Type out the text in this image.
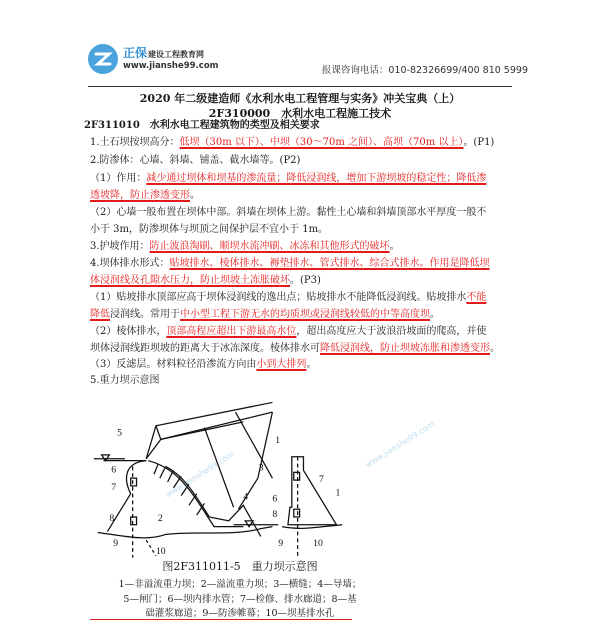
正保建设工程教育网
www.jianshe99.com	报课咨询电话：010-82326699/400 810 5999
2020 年二级建造师《水利水电工程管理与实务》冲关宝典（上）
2F310000　水利水电工程施工技术
2F311010　水利水电工程建筑物的类型及相关要求
1.土石坝按坝高分：低坝（30m 以下）、中坝（30～70m 之间）、高坝（70m 以上）。(P1)
2.防渗体：心墙、斜墙、铺盖、截水墙等。(P2)
（1）作用：减少通过坝体和坝基的渗流量；降低浸润线，增加下游坝坡的稳定性；降低渗
透坡降，防止渗透变形。
（2）心墙一般布置在坝体中部。斜墙在坝体上游。黏性土心墙和斜墙顶部水平厚度一般不
小于 3m，防渗坝体与坝顶之间保护层不宜小于 1m。
3.护坡作用：防止波浪淘刷、顺坝水流冲刷、冰冻和其他形式的破坏。
4.坝体排水形式：贴坡排水、棱体排水、褥垫排水、管式排水、综合式排水。作用是降低坝
体浸润线及孔隙水压力，防止坝坡土冻胀破坏。(P3)
（1）贴坡排水顶部应高于坝体浸润线的逸出点；贴坡排水不能降低浸润线。贴坡排水不能
降低浸润线。常用于中小型工程下游无水的均质坝或浸润线较低的中等高度坝。
（2）棱体排水，顶部高程应超出下游最高水位，超出高度应大于波浪沿坡面的爬高，并使
坝体浸润线距坝坡的距离大于冰冻深度。棱体排水可降低浸润线，防止坝坡冻胀和渗透变形。
（3）反滤层。材料粒径沿渗流方向由小到大排列。
5.重力坝示意图
5
1
1
2
3
4
6
7
8
9
10
6
8
7
9	10
www.jianshe99.com
www.jianshe99.com
图2F311011-5　重力坝示意图
1—非溢流重力坝；2—溢流重力坝；3—横缝；4—导墙；
5—闸门；6—坝内排水管；7—检修、排水廊道；8—基
础灌浆廊道；9—防渗帷幕；10—坝基排水孔
